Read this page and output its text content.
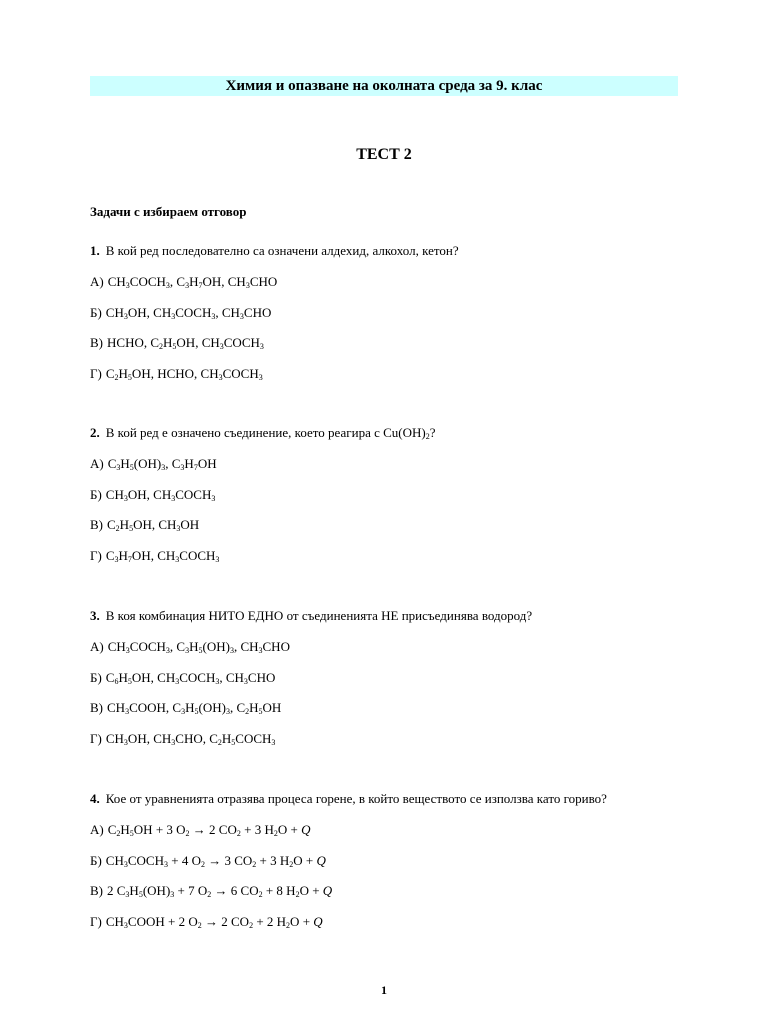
Химия и опазване на околната среда за 9. клас
ТЕСТ 2
Задачи с избираем отговор
1. В кой ред последователно са означени алдехид, алкохол, кетон?
А) $CH_3COCH_3$, $C_3H_7OH$, $CH_3CHO$
Б) $CH_3OH$, $CH_3COCH_3$, $CH_3CHO$
В) HCHO, $C_2H_5OH$, $CH_3COCH_3$
Г) $C_2H_5OH$, HCHO, $CH_3COCH_3$
2. В кой ред е означено съединение, което реагира с $Cu(OH)_2$?
А) $C_3H_5(OH)_3$, $C_3H_7OH$
Б) $CH_3OH$, $CH_3COCH_3$
В) $C_2H_5OH$, $CH_3OH$
Г) $C_3H_7OH$, $CH_3COCH_3$
3. В коя комбинация НИТО ЕДНО от съединенията НЕ присъединява водород?
А) $CH_3COCH_3$, $C_3H_5(OH)_3$, $CH_3CHO$
Б) $C_6H_5OH$, $CH_3COCH_3$, $CH_3CHO$
В) $CH_3COOH$, $C_3H_5(OH)_3$, $C_2H_5OH$
Г) $CH_3OH$, $CH_3CHO$, $C_2H_5COCH_3$
4. Кое от уравненията отразява процеса горене, в който веществото се използва като гориво?
А) $C_2H_5OH + 3$ $O_2 \to 2$ $CO_2 + 3$ $H_2O + Q$
Б) $CH_3COCH_3 + 4$ $O_2 \to 3$ $CO_2 + 3$ $H_2O + Q$
В) 2 $C_3H_5(OH)_3 + 7$ $O_2 \to 6$ $CO_2 + 8$ $H_2O + Q$
Г) $CH_3COOH + 2$ $O_2 \to 2$ $CO_2 + 2$ $H_2O + Q$
1
